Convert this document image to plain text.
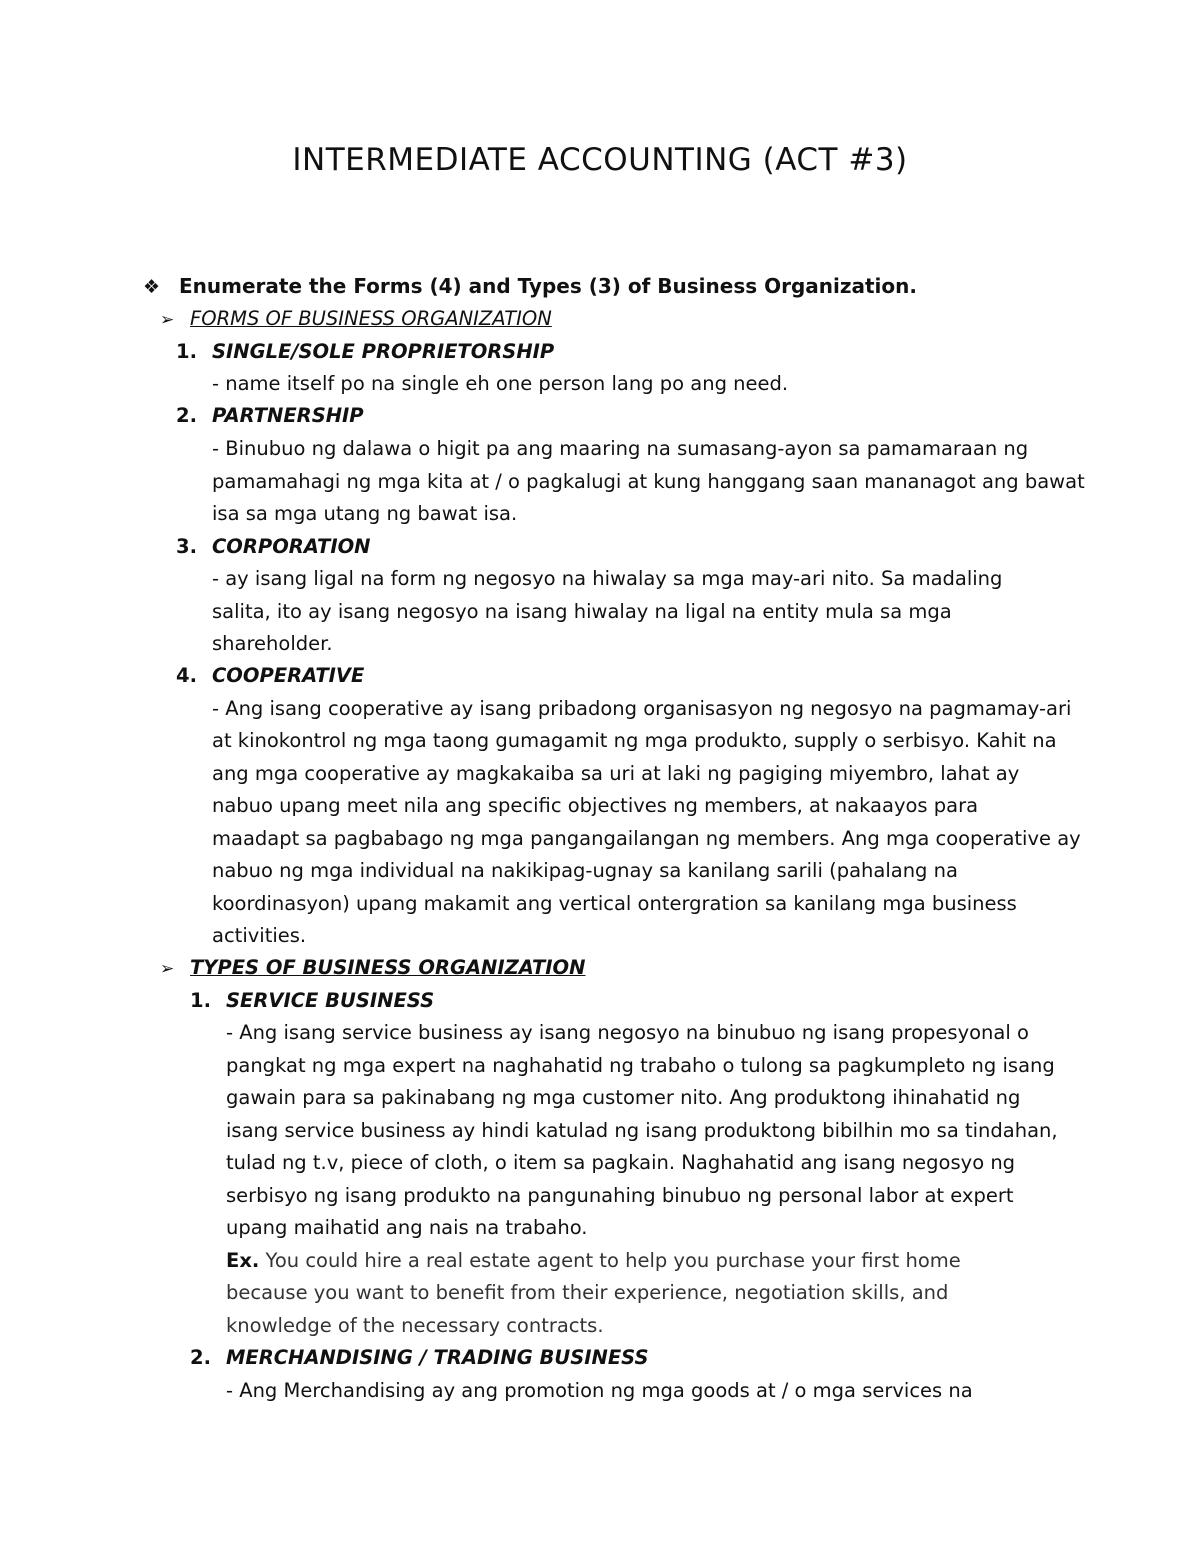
INTERMEDIATE ACCOUNTING (ACT #3)
❖ Enumerate the Forms (4) and Types (3) of Business Organization.
➢ FORMS OF BUSINESS ORGANIZATION
1. SINGLE/SOLE PROPRIETORSHIP
- name itself po na single eh one person lang po ang need.
2. PARTNERSHIP
- Binubuo ng dalawa o higit pa ang maaring na sumasang-ayon sa pamamaraan ng
pamamahagi ng mga kita at / o pagkalugi at kung hanggang saan mananagot ang bawat
isa sa mga utang ng bawat isa.
3. CORPORATION
- ay isang ligal na form ng negosyo na hiwalay sa mga may-ari nito. Sa madaling
salita, ito ay isang negosyo na isang hiwalay na ligal na entity mula sa mga
shareholder.
4. COOPERATIVE
- Ang isang cooperative ay isang pribadong organisasyon ng negosyo na pagmamay-ari
at kinokontrol ng mga taong gumagamit ng mga produkto, supply o serbisyo. Kahit na
ang mga cooperative ay magkakaiba sa uri at laki ng pagiging miyembro, lahat ay
nabuo upang meet nila ang specific objectives ng members, at nakaayos para
maadapt sa pagbabago ng mga pangangailangan ng members. Ang mga cooperative ay
nabuo ng mga individual na nakikipag-ugnay sa kanilang sarili (pahalang na
koordinasyon) upang makamit ang vertical ontergration sa kanilang mga business
activities.
➢ TYPES OF BUSINESS ORGANIZATION
1. SERVICE BUSINESS
- Ang isang service business ay isang negosyo na binubuo ng isang propesyonal o
pangkat ng mga expert na naghahatid ng trabaho o tulong sa pagkumpleto ng isang
gawain para sa pakinabang ng mga customer nito. Ang produktong ihinahatid ng
isang service business ay hindi katulad ng isang produktong bibilhin mo sa tindahan,
tulad ng t.v, piece of cloth, o item sa pagkain. Naghahatid ang isang negosyo ng
serbisyo ng isang produkto na pangunahing binubuo ng personal labor at expert
upang maihatid ang nais na trabaho.
Ex. You could hire a real estate agent to help you purchase your first home
because you want to benefit from their experience, negotiation skills, and
knowledge of the necessary contracts.
2. MERCHANDISING / TRADING BUSINESS
- Ang Merchandising ay ang promotion ng mga goods at / o mga services na
